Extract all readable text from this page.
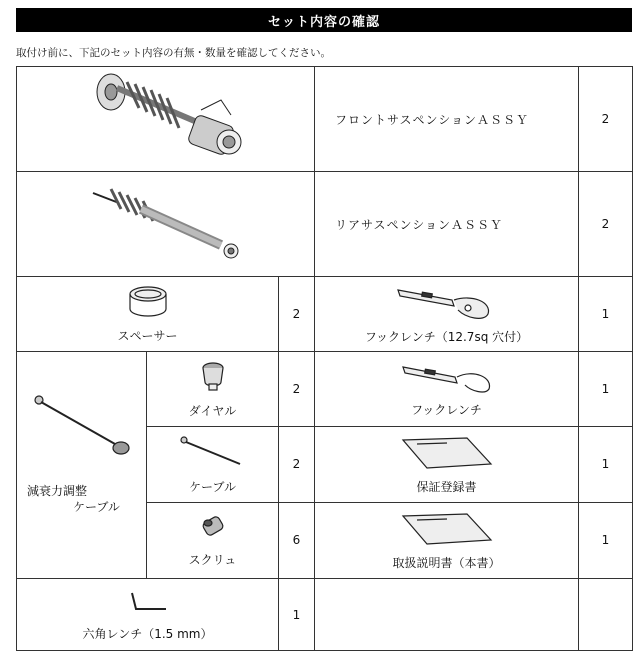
セット内容の確認
取付け前に、下記のセット内容の有無・数量を確認してください。
	フロントサスペンションＡＳＳＹ	2

	リアサスペンションＡＳＳＹ	2

スペーサー		2	フックレンチ（12.7sq 穴付）	1

減衰力調整
ケーブル	ダイヤル	2	フックレンチ	1

	ケーブル	2	保証登録書	1

	スクリュ	6	取扱説明書（本書）	1

六角レンチ（1.5 mm）		1		
